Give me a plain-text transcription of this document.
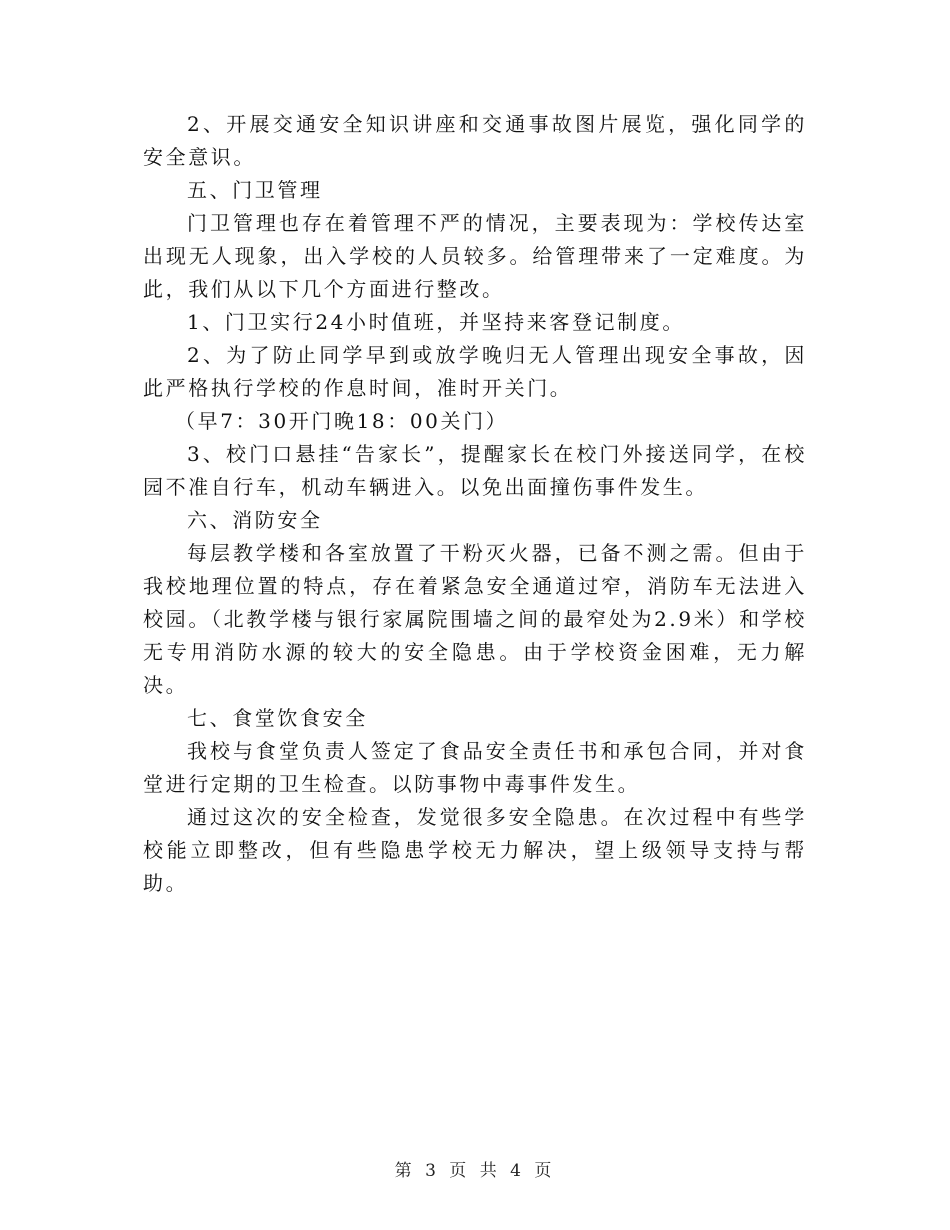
2、开展交通安全知识讲座和交通事故图片展览，强化同学的安全意识。

五、门卫管理

门卫管理也存在着管理不严的情况，主要表现为：学校传达室出现无人现象，出入学校的人员较多。给管理带来了一定难度。为此，我们从以下几个方面进行整改。

1、门卫实行24小时值班，并坚持来客登记制度。

2、为了防止同学早到或放学晚归无人管理出现安全事故，因此严格执行学校的作息时间，准时开关门。

（早7：30开门晚18：00关门）

3、校门口悬挂“告家长”，提醒家长在校门外接送同学，在校园不准自行车，机动车辆进入。以免出面撞伤事件发生。

六、消防安全

每层教学楼和各室放置了干粉灭火器，已备不测之需。但由于我校地理位置的特点，存在着紧急安全通道过窄，消防车无法进入校园。（北教学楼与银行家属院围墙之间的最窄处为2.9米）和学校无专用消防水源的较大的安全隐患。由于学校资金困难，无力解决。

七、食堂饮食安全

我校与食堂负责人签定了食品安全责任书和承包合同，并对食堂进行定期的卫生检查。以防事物中毒事件发生。

通过这次的安全检查，发觉很多安全隐患。在次过程中有些学校能立即整改，但有些隐患学校无力解决，望上级领导支持与帮助。

第 3 页 共 4 页
